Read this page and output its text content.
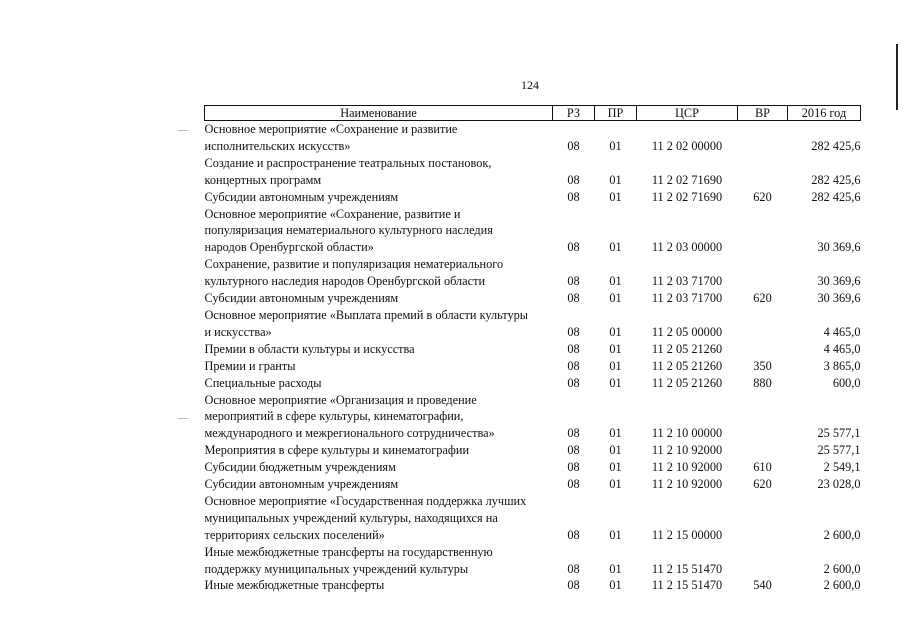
124
Наименование	РЗ	ПР	ЦСР	ВР	2016 год

Основное мероприятие «Сохранение и развитие
исполнительских искусств»	08	01	11 2 02 00000		282 425,6

Создание и распространение театральных постановок,
концертных программ	08	01	11 2 02 71690		282 425,6

Субсидии автономным учреждениям	08	01	11 2 02 71690	620	282 425,6

Основное мероприятие «Сохранение, развитие и
популяризация нематериального культурного наследия
народов Оренбургской области»	08	01	11 2 03 00000		30 369,6

Сохранение, развитие и популяризация нематериального
культурного наследия народов Оренбургской области	08	01	11 2 03 71700		30 369,6

Субсидии автономным учреждениям	08	01	11 2 03 71700	620	30 369,6

Основное мероприятие «Выплата премий в области культуры
и искусства»	08	01	11 2 05 00000		4 465,0

Премии в области культуры и искусства	08	01	11 2 05 21260		4 465,0

Премии и гранты	08	01	11 2 05 21260	350	3 865,0

Специальные расходы	08	01	11 2 05 21260	880	600,0

Основное мероприятие «Организация и проведение
мероприятий в сфере культуры, кинематографии,
международного и межрегионального сотрудничества»	08	01	11 2 10 00000		25 577,1

Мероприятия в сфере культуры и кинематографии	08	01	11 2 10 92000		25 577,1

Субсидии бюджетным учреждениям	08	01	11 2 10 92000	610	2 549,1

Субсидии автономным учреждениям	08	01	11 2 10 92000	620	23 028,0

Основное мероприятие «Государственная поддержка лучших
муниципальных учреждений культуры, находящихся на
территориях сельских поселений»	08	01	11 2 15 00000		2 600,0

Иные межбюджетные трансферты на государственную
поддержку муниципальных учреждений культуры	08	01	11 2 15 51470		2 600,0

Иные межбюджетные трансферты	08	01	11 2 15 51470	540	2 600,0
